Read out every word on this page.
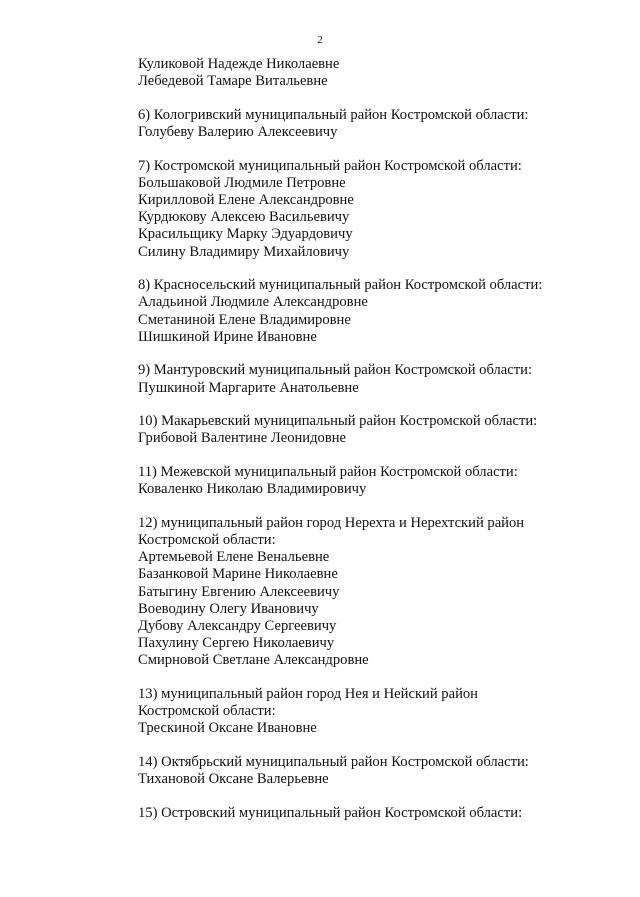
2

Куликовой Надежде Николаевне

Лебедевой Тамаре Витальевне

6) Кологривский муниципальный район Костромской области:

Голубеву Валерию Алексеевичу

7) Костромской муниципальный район Костромской области:

Большаковой Людмиле Петровне

Кирилловой Елене Александровне

Курдюкову Алексею Васильевичу

Красильщику Марку Эдуардовичу

Силину Владимиру Михайловичу

8) Красносельский муниципальный район Костромской области:

Аладьиной Людмиле Александровне

Сметаниной Елене Владимировне

Шишкиной Ирине Ивановне

9) Мантуровский муниципальный район Костромской области:

Пушкиной Маргарите Анатольевне

10) Макарьевский муниципальный район Костромской области:

Грибовой Валентине Леонидовне

11) Межевской муниципальный район Костромской области:

Коваленко Николаю Владимировичу

12) муниципальный район город Нерехта и Нерехтский район

Костромской области:

Артемьевой Елене Венальевне

Базанковой Марине Николаевне

Батыгину Евгению Алексеевичу

Воеводину Олегу Ивановичу

Дубову Александру Сергеевичу

Пахулину Сергею Николаевичу

Смирновой Светлане Александровне

13) муниципальный район город Нея и Нейский район

Костромской области:

Трескиной Оксане Ивановне

14) Октябрьский муниципальный район Костромской области:

Тихановой Оксане Валерьевне

15) Островский муниципальный район Костромской области:
